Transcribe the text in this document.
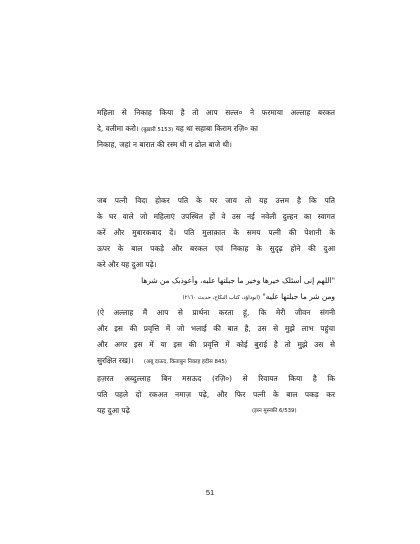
महिला से निकाह किया है तो आप सल्ल० ने फरमाया अल्लाह बरकत
दे, वलीमा करो। (बुख़ारी 5153) यह था सहाबा किराम रज़ि० का
निकाह, जहां न बारात की रस्म थी न ढोल बाजे थी।
जब पत्नी विदा होकर पति के घर जाय तो यह उत्तम है कि पति
के घर वाले जो महिलाएं उपस्थित हों वे उस नई नवेली दुल्हन का स्वागत
करें और मुबारकबाद दें। पति मुलाक़ात के समय पत्नी की पेशानी के
ऊपर के बाल पकड़े और बरकत एवं निकाह के सुदृढ़ होने की दुआ
करे और यह दुआ पढ़े।
"اللھم إنی أسئلک خیرھا وخیر ما جبلتھا علیه، وأعوذبک من شرھا
ومن شر ما جبلتھا علیه" (ابوداؤد، کتاب النکاح، حدیث ٢١٦٠)
(ऐ अल्लाह मैं आप से प्रार्थना करता हूं, कि मेरी जीवन संगनी
और इस की प्रवृत्ति में जो भलाई की बात है, उस से मुझे लाभ पहुंचा
और अगर इस में या इस की प्रवृत्ति में कोई बुराई है तो मुझे उस से
सुरक्षित रख)। (अबू दाऊद, किताबुन निकाह हदीस 845)
हज़रत अब्दुल्लाह बिन मसऊद (रज़ि०) से रिवायत किया है कि
पति पहले दो रकअत नमाज़ पढ़े, और फिर पत्नी के बाल पकड़ कर
यह दुआ पढ़े	(इब्न मुस्नफ़ी 6/539)
51
